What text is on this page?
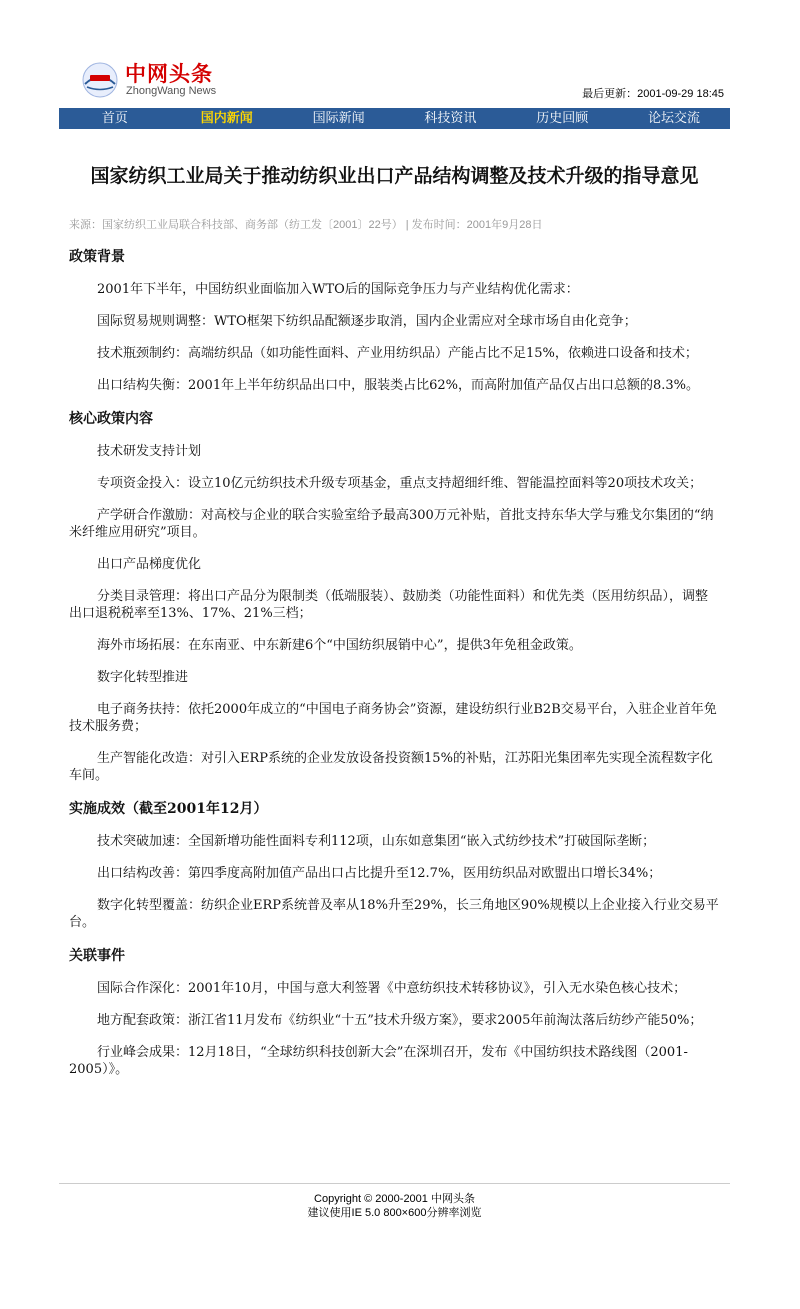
中网头条
ZhongWang News	最后更新：2001-09-29 18:45
首页	国内新闻	国际新闻	科技资讯	历史回顾	论坛交流
国家纺织工业局关于推动纺织业出口产品结构调整及技术升级的指导意见
来源：国家纺织工业局联合科技部、商务部（纺工发〔2001〕22号） | 发布时间：2001年9月28日
政策背景

2001年下半年，中国纺织业面临加入WTO后的国际竞争压力与产业结构优化需求：

国际贸易规则调整：WTO框架下纺织品配额逐步取消，国内企业需应对全球市场自由化竞争；

技术瓶颈制约：高端纺织品（如功能性面料、产业用纺织品）产能占比不足15%，依赖进口设备和技术；

出口结构失衡：2001年上半年纺织品出口中，服装类占比62%，而高附加值产品仅占出口总额的8.3%。

核心政策内容

技术研发支持计划

专项资金投入：设立10亿元纺织技术升级专项基金，重点支持超细纤维、智能温控面料等20项技术攻关；

产学研合作激励：对高校与企业的联合实验室给予最高300万元补贴，首批支持东华大学与雅戈尔集团的“纳米纤维应用研究”项目。

出口产品梯度优化

分类目录管理：将出口产品分为限制类（低端服装）、鼓励类（功能性面料）和优先类（医用纺织品），调整出口退税税率至13%、17%、21%三档；

海外市场拓展：在东南亚、中东新建6个“中国纺织展销中心”，提供3年免租金政策。

数字化转型推进

电子商务扶持：依托2000年成立的“中国电子商务协会”资源，建设纺织行业B2B交易平台，入驻企业首年免技术服务费；

生产智能化改造：对引入ERP系统的企业发放设备投资额15%的补贴，江苏阳光集团率先实现全流程数字化车间。

实施成效（截至2001年12月）

技术突破加速：全国新增功能性面料专利112项，山东如意集团“嵌入式纺纱技术”打破国际垄断；

出口结构改善：第四季度高附加值产品出口占比提升至12.7%，医用纺织品对欧盟出口增长34%；

数字化转型覆盖：纺织企业ERP系统普及率从18%升至29%，长三角地区90%规模以上企业接入行业交易平台。

关联事件

国际合作深化：2001年10月，中国与意大利签署《中意纺织技术转移协议》，引入无水染色核心技术；

地方配套政策：浙江省11月发布《纺织业“十五”技术升级方案》，要求2005年前淘汰落后纺纱产能50%；

行业峰会成果：12月18日，“全球纺织科技创新大会”在深圳召开，发布《中国纺织技术路线图（2001-2005）》。

Copyright © 2000-2001 中网头条
建议使用IE 5.0 800×600分辨率浏览
